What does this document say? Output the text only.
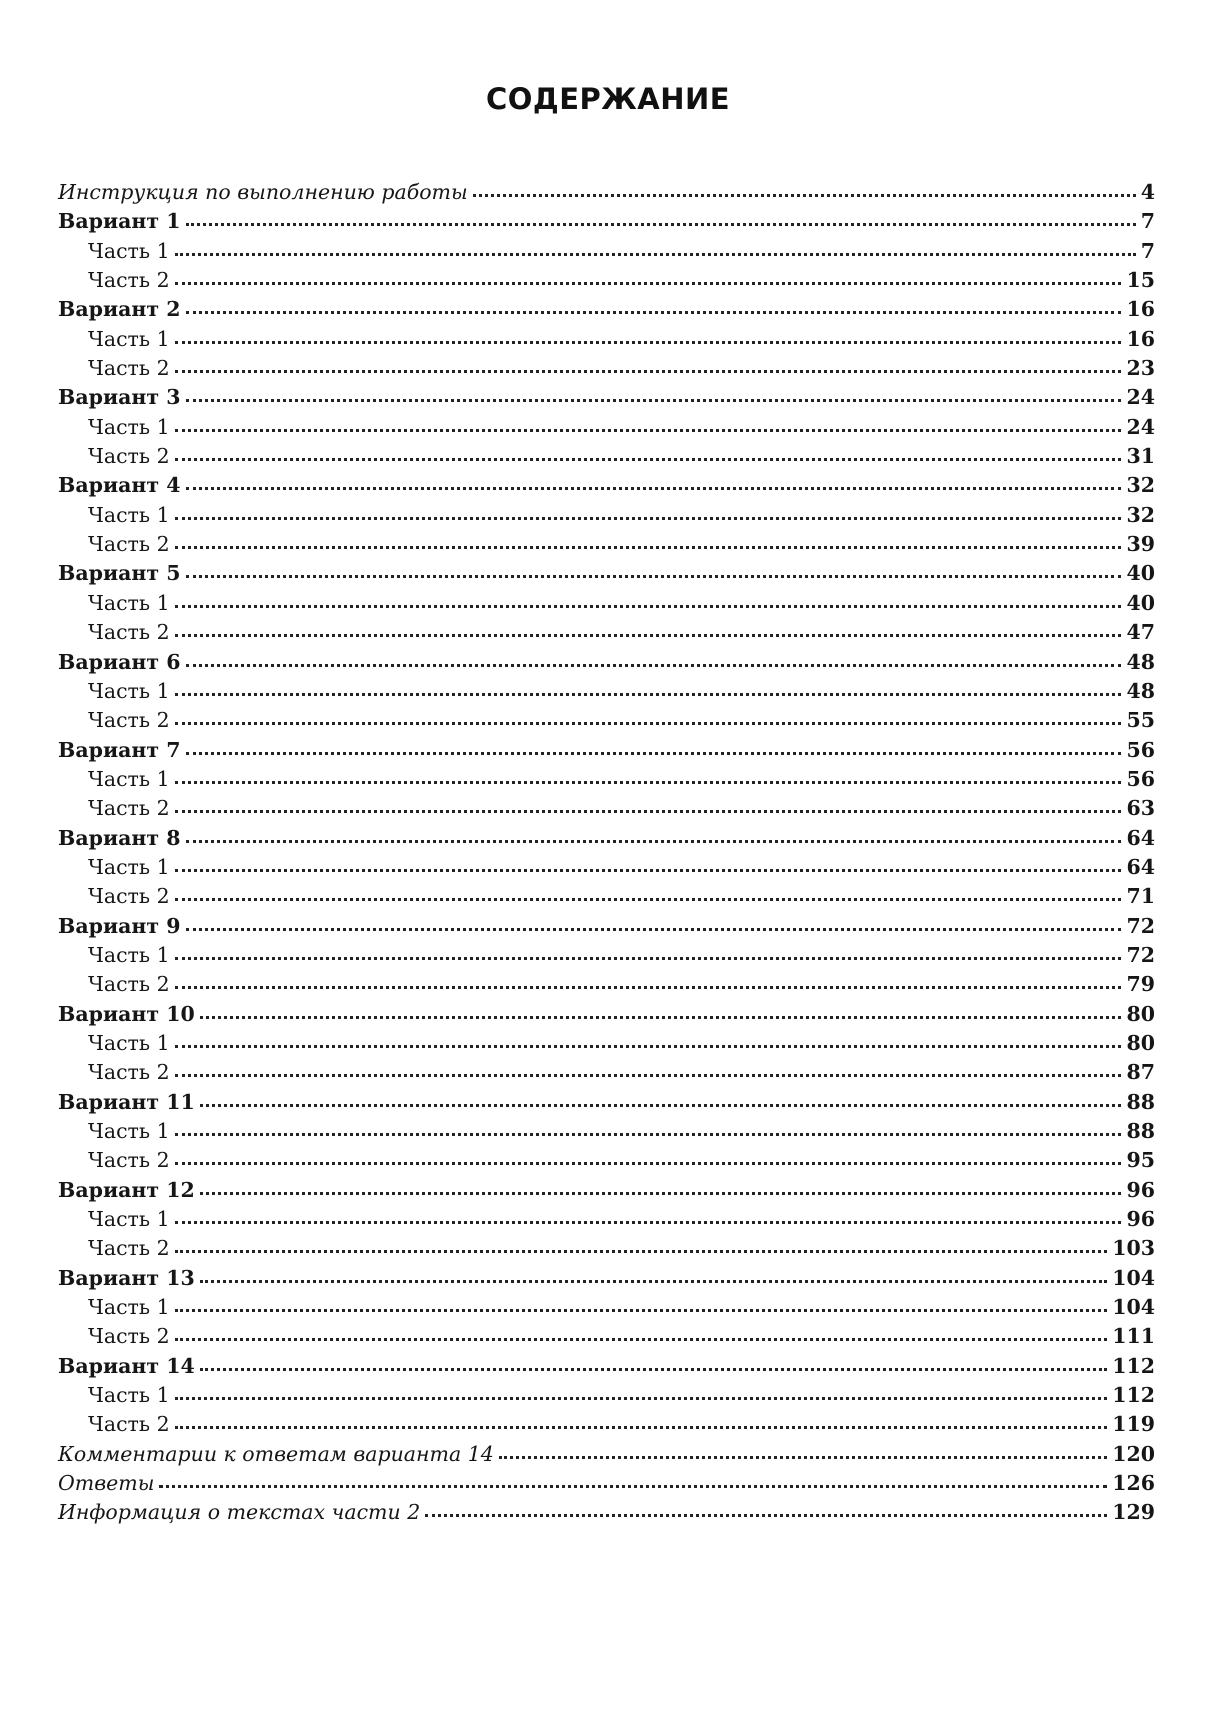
СОДЕРЖАНИЕ
Инструкция по выполнению работы	4
Вариант 1	7
Часть 1	7
Часть 2	15
Вариант 2	16
Часть 1	16
Часть 2	23
Вариант 3	24
Часть 1	24
Часть 2	31
Вариант 4	32
Часть 1	32
Часть 2	39
Вариант 5	40
Часть 1	40
Часть 2	47
Вариант 6	48
Часть 1	48
Часть 2	55
Вариант 7	56
Часть 1	56
Часть 2	63
Вариант 8	64
Часть 1	64
Часть 2	71
Вариант 9	72
Часть 1	72
Часть 2	79
Вариант 10	80
Часть 1	80
Часть 2	87
Вариант 11	88
Часть 1	88
Часть 2	95
Вариант 12	96
Часть 1	96
Часть 2	103
Вариант 13	104
Часть 1	104
Часть 2	111
Вариант 14	112
Часть 1	112
Часть 2	119
Комментарии к ответам варианта 14	120
Ответы	126
Информация о текстах части 2	129
